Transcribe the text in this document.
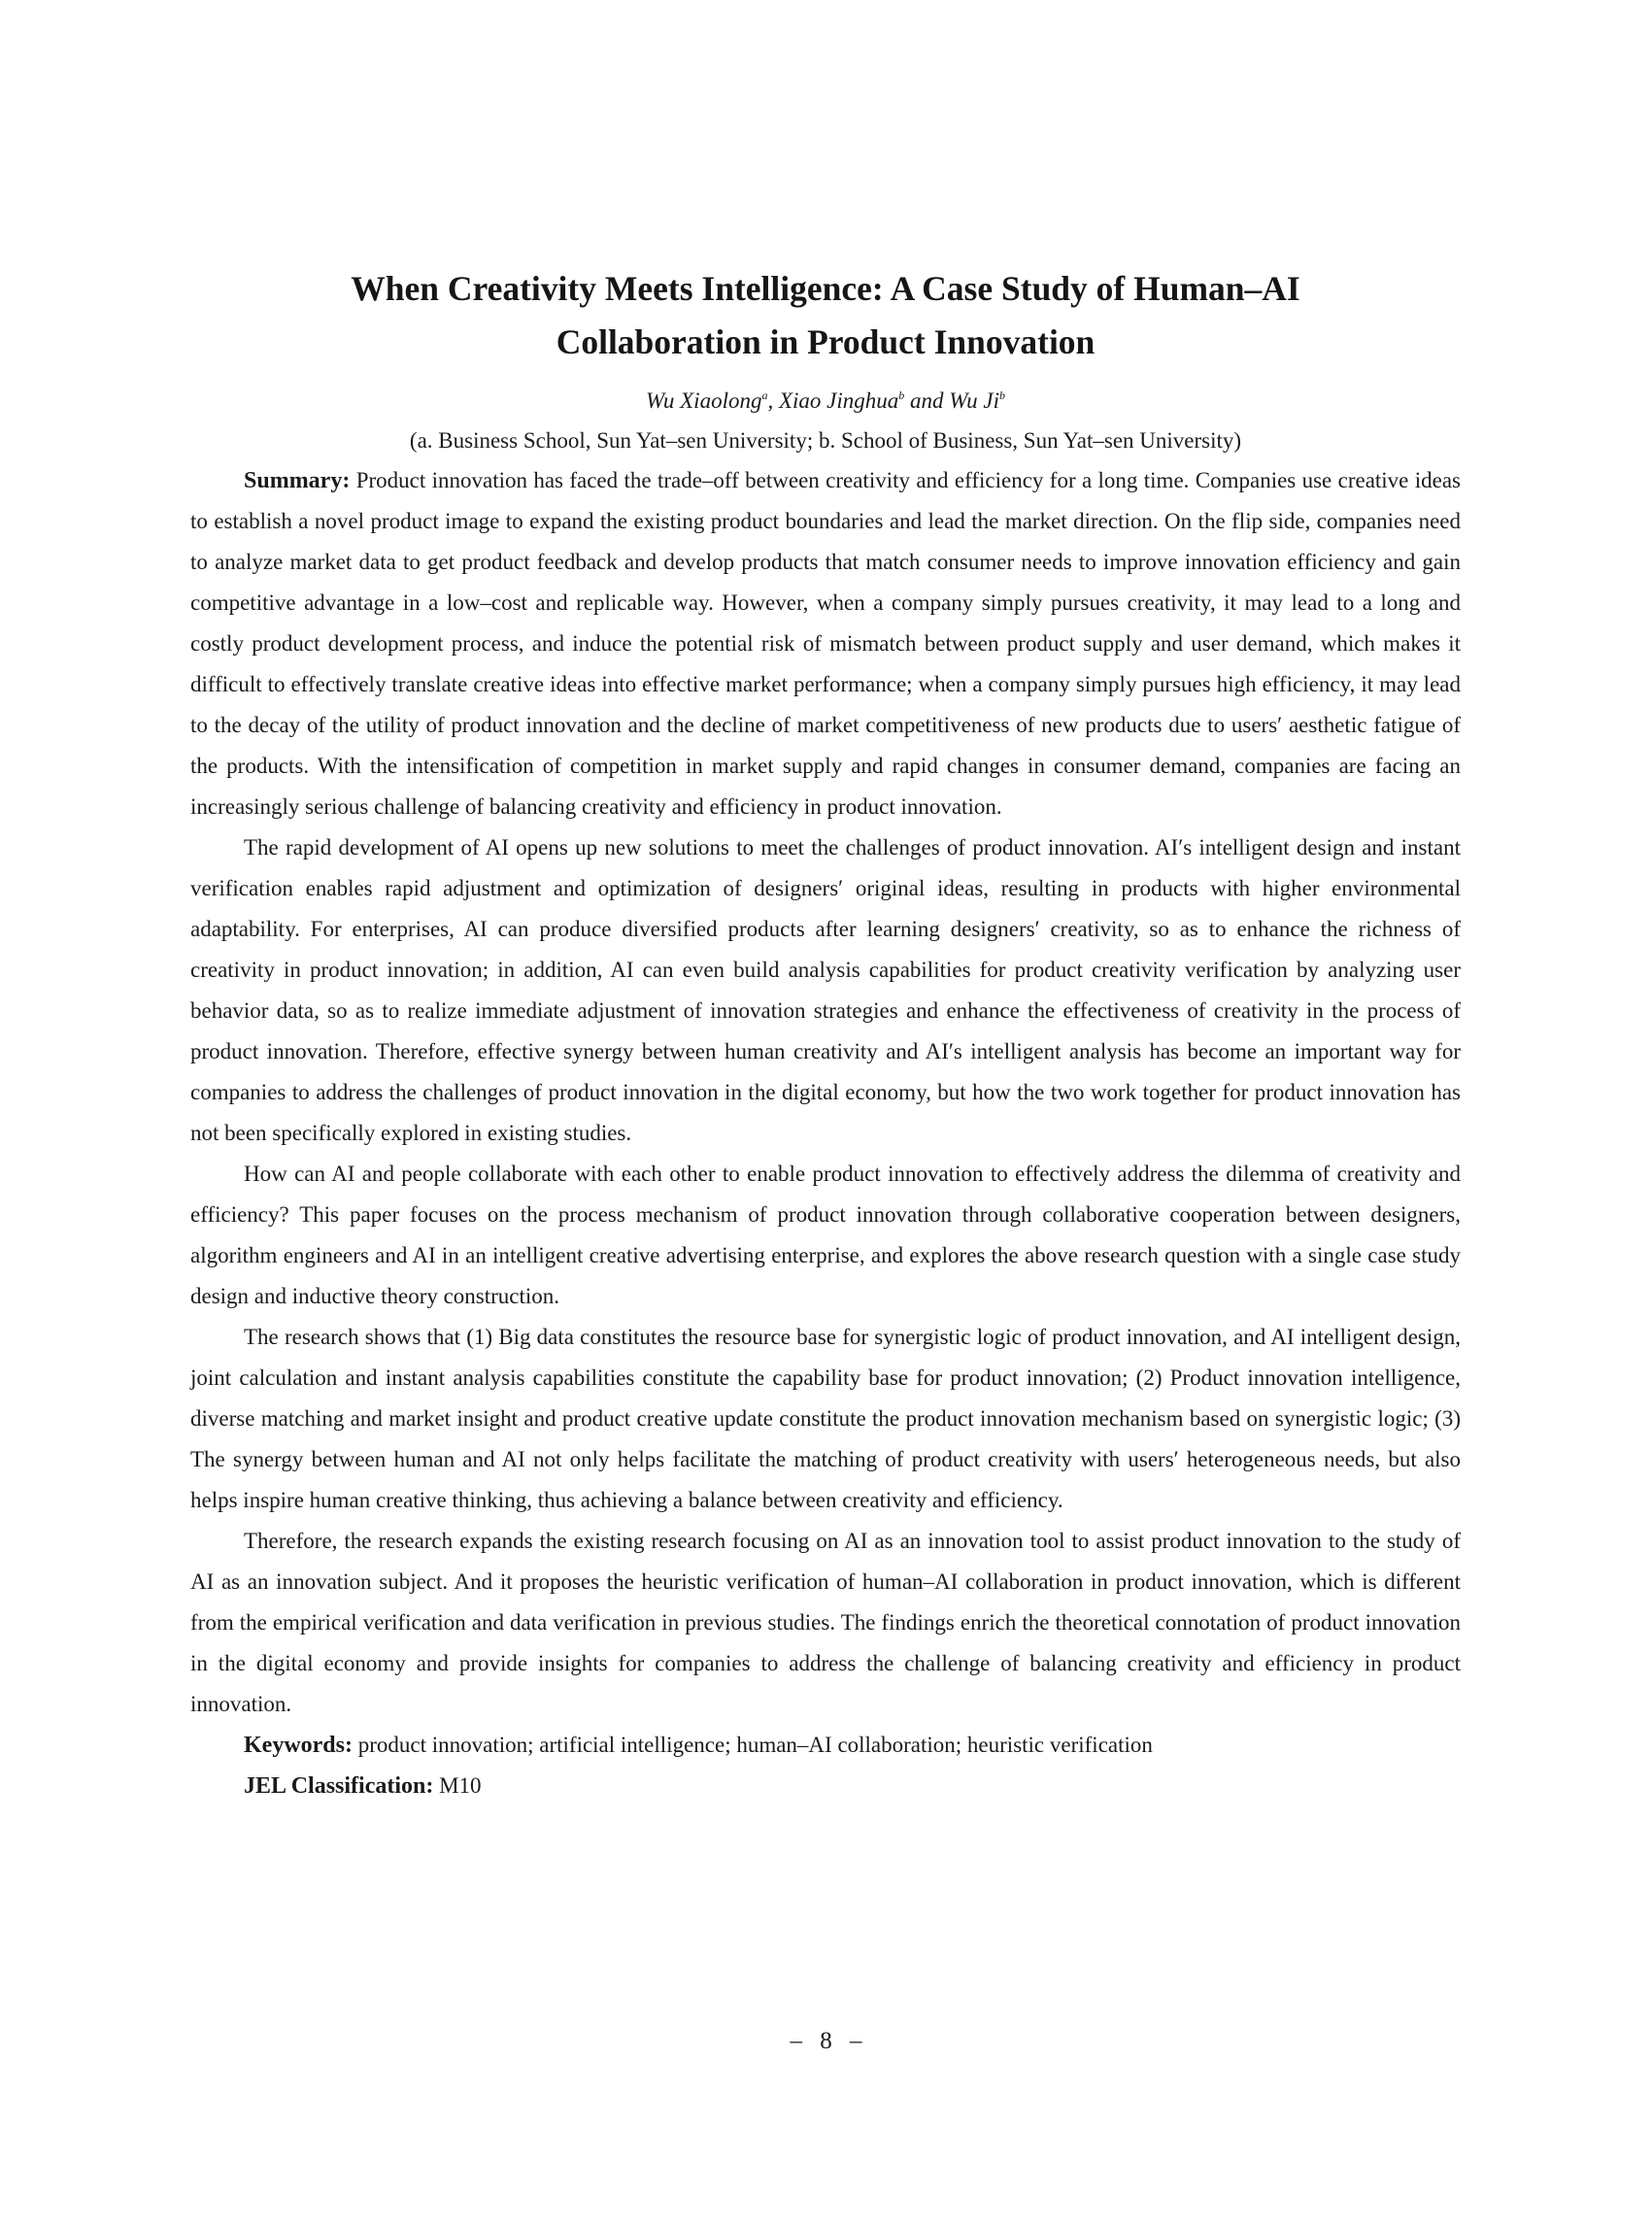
When Creativity Meets Intelligence: A Case Study of Human–AI
Collaboration in Product Innovation
Wu Xiaolong$^a$, Xiao Jinghua$^b$ and Wu Ji$^b$
(a. Business School, Sun Yat–sen University; b. School of Business, Sun Yat–sen University)

Summary: Product innovation has faced the trade–off between creativity and efficiency for a long time. Companies use creative ideas to establish a novel product image to expand the existing product boundaries and lead the market direction. On the flip side, companies need to analyze market data to get product feedback and develop products that match consumer needs to improve innovation efficiency and gain competitive advantage in a low–cost and replicable way. However, when a company simply pursues creativity, it may lead to a long and costly product development process, and induce the potential risk of mismatch between product supply and user demand, which makes it difficult to effectively translate creative ideas into effective market performance; when a company simply pursues high efficiency, it may lead to the decay of the utility of product innovation and the decline of market competitiveness of new products due to users′ aesthetic fatigue of the products. With the intensification of competition in market supply and rapid changes in consumer demand, companies are facing an increasingly serious challenge of balancing creativity and efficiency in product innovation.

The rapid development of AI opens up new solutions to meet the challenges of product innovation. AI′s intelligent design and instant verification enables rapid adjustment and optimization of designers′ original ideas, resulting in products with higher environmental adaptability. For enterprises, AI can produce diversified products after learning designers′ creativity, so as to enhance the richness of creativity in product innovation; in addition, AI can even build analysis capabilities for product creativity verification by analyzing user behavior data, so as to realize immediate adjustment of innovation strategies and enhance the effectiveness of creativity in the process of product innovation. Therefore, effective synergy between human creativity and AI′s intelligent analysis has become an important way for companies to address the challenges of product innovation in the digital economy, but how the two work together for product innovation has not been specifically explored in existing studies.

How can AI and people collaborate with each other to enable product innovation to effectively address the dilemma of creativity and efficiency? This paper focuses on the process mechanism of product innovation through collaborative cooperation between designers, algorithm engineers and AI in an intelligent creative advertising enterprise, and explores the above research question with a single case study design and inductive theory construction.

The research shows that (1) Big data constitutes the resource base for synergistic logic of product innovation, and AI intelligent design, joint calculation and instant analysis capabilities constitute the capability base for product innovation; (2) Product innovation intelligence, diverse matching and market insight and product creative update constitute the product innovation mechanism based on synergistic logic; (3) The synergy between human and AI not only helps facilitate the matching of product creativity with users′ heterogeneous needs, but also helps inspire human creative thinking, thus achieving a balance between creativity and efficiency.

Therefore, the research expands the existing research focusing on AI as an innovation tool to assist product innovation to the study of AI as an innovation subject. And it proposes the heuristic verification of human–AI collaboration in product innovation, which is different from the empirical verification and data verification in previous studies. The findings enrich the theoretical connotation of product innovation in the digital economy and provide insights for companies to address the challenge of balancing creativity and efficiency in product innovation.

Keywords: product innovation; artificial intelligence; human–AI collaboration; heuristic verification

JEL Classification: M10

– 8 –
